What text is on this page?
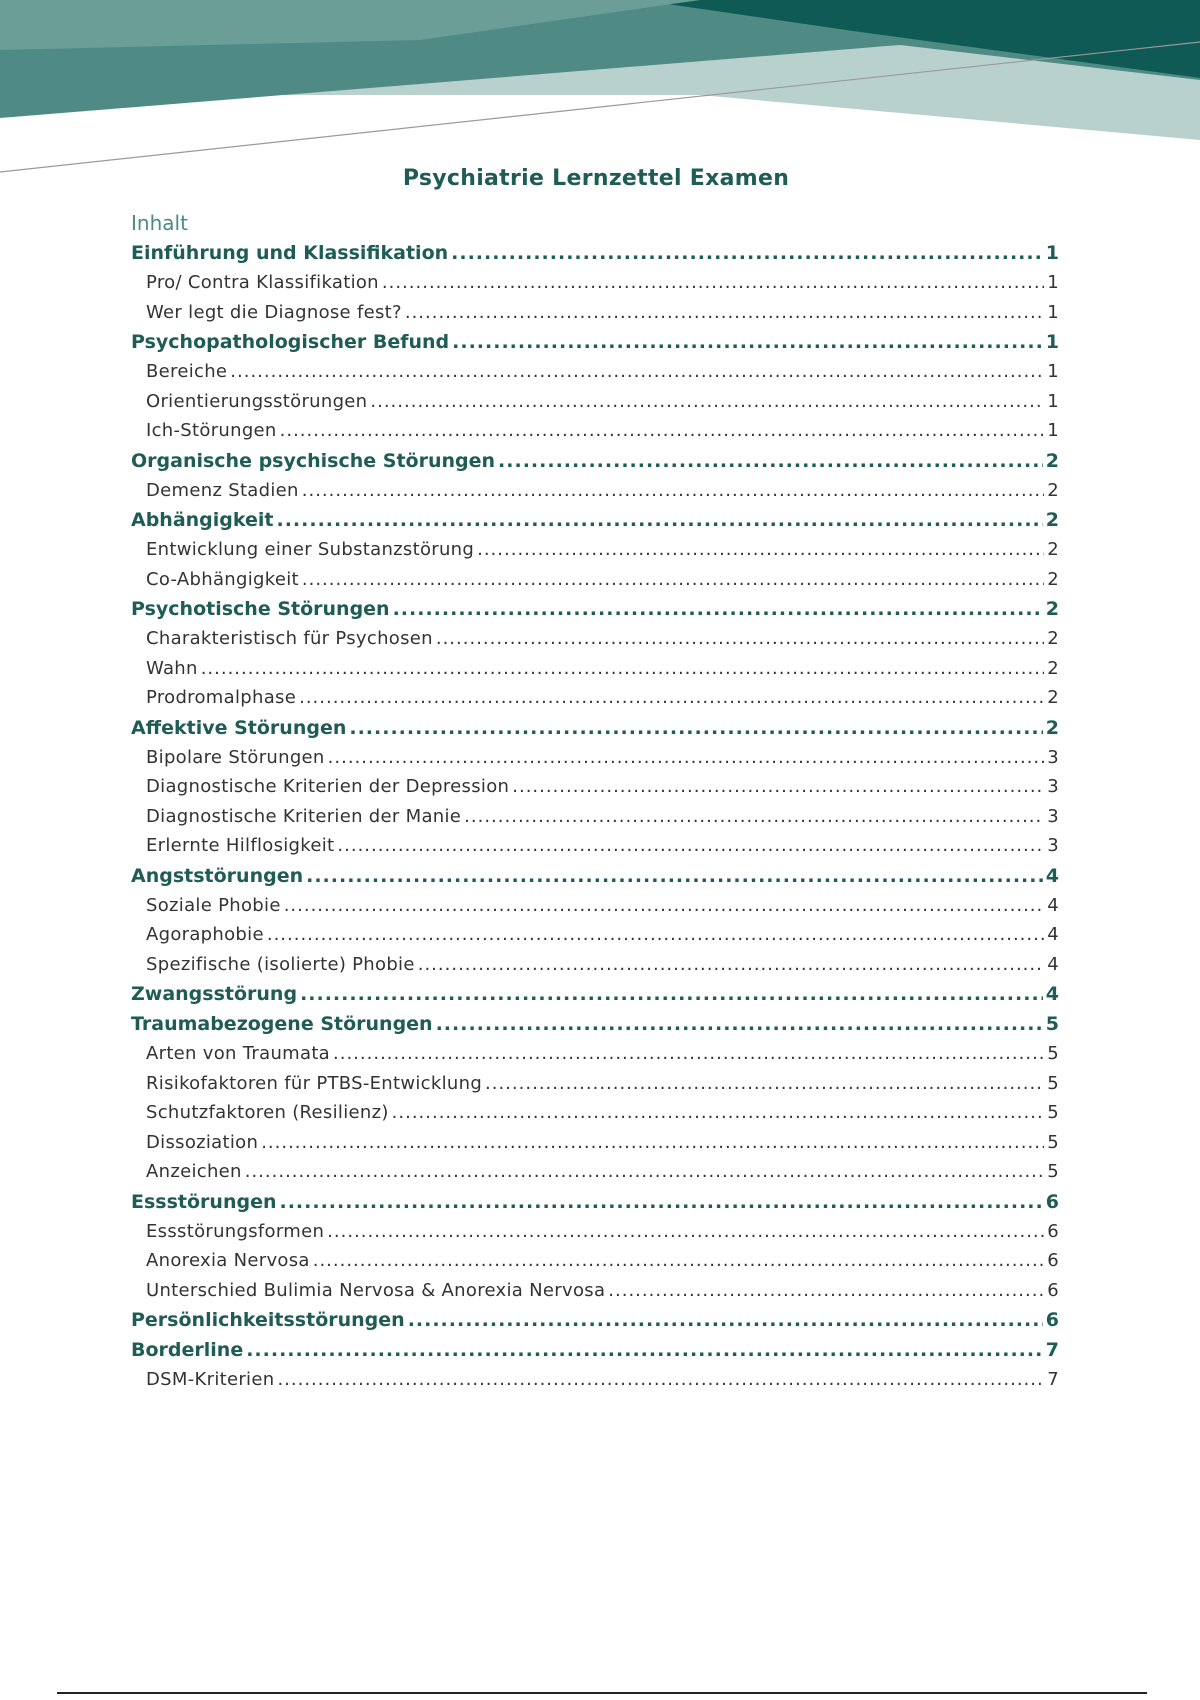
Psychiatrie Lernzettel Examen
Inhalt
Einführung und Klassifikation .....	1
Pro/ Contra Klassifikation .....	1
Wer legt die Diagnose fest? .....	1
Psychopathologischer Befund .....	1
Bereiche .....	1
Orientierungsstörungen .....	1
Ich-Störungen .....	1
Organische psychische Störungen .....	2
Demenz Stadien .....	2
Abhängigkeit .....	2
Entwicklung einer Substanzstörung .....	2
Co-Abhängigkeit .....	2
Psychotische Störungen .....	2
Charakteristisch für Psychosen .....	2
Wahn .....	2
Prodromalphase .....	2
Affektive Störungen .....	2
Bipolare Störungen .....	3
Diagnostische Kriterien der Depression .....	3
Diagnostische Kriterien der Manie .....	3
Erlernte Hilflosigkeit .....	3
Angststörungen .....	4
Soziale Phobie .....	4
Agoraphobie .....	4
Spezifische (isolierte) Phobie .....	4
Zwangsstörung .....	4
Traumabezogene Störungen .....	5
Arten von Traumata .....	5
Risikofaktoren für PTBS-Entwicklung .....	5
Schutzfaktoren (Resilienz) .....	5
Dissoziation .....	5
Anzeichen .....	5
Essstörungen .....	6
Essstörungsformen .....	6
Anorexia Nervosa .....	6
Unterschied Bulimia Nervosa & Anorexia Nervosa .....	6
Persönlichkeitsstörungen .....	6
Borderline .....	7
DSM-Kriterien .....	7
